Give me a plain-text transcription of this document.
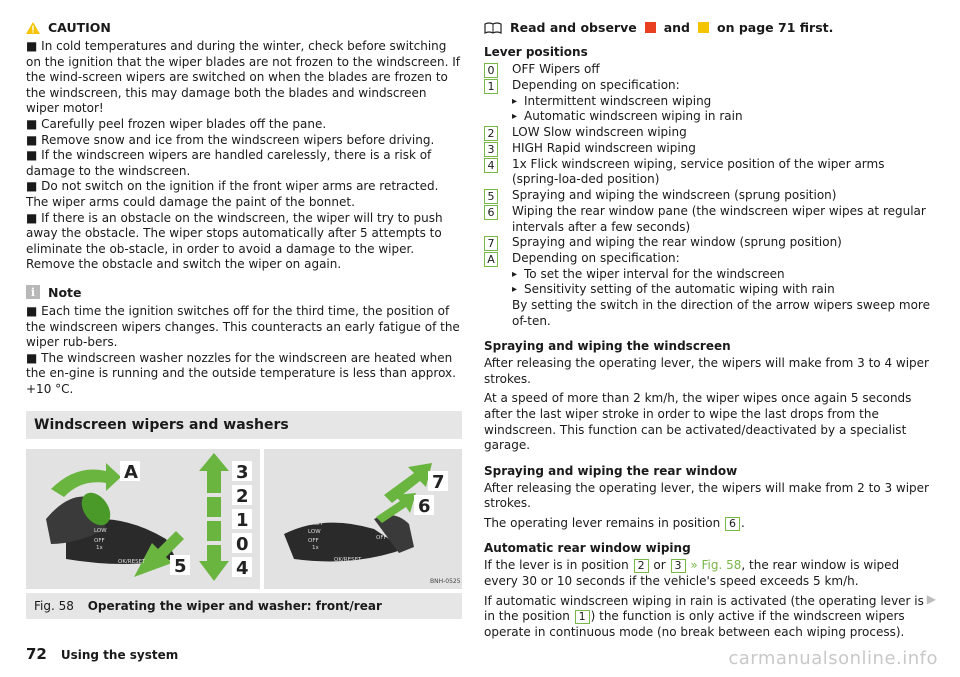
CAUTION

■ In cold temperatures and during the winter, check before switching on the ignition that the wiper blades are not frozen to the windscreen. If the wind-screen wipers are switched on when the blades are frozen to the windscreen, this may damage both the blades and windscreen wiper motor!

■ Carefully peel frozen wiper blades off the pane.

■ Remove snow and ice from the windscreen wipers before driving.

■ If the windscreen wipers are handled carelessly, there is a risk of damage to the windscreen.

■ Do not switch on the ignition if the front wiper arms are retracted. The wiper arms could damage the paint of the bonnet.

■ If there is an obstacle on the windscreen, the wiper will try to push away the obstacle. The wiper stops automatically after 5 attempts to eliminate the ob-stacle, in order to avoid a damage to the wiper. Remove the obstacle and switch the wiper on again.

i	Note

■ Each time the ignition switches off for the third time, the position of the windscreen wipers changes. This counteracts an early fatigue of the wiper rub-bers.

■ The windscreen washer nozzles for the windscreen are heated when the en-gine is running and the outside temperature is less than approx. +10 °C.

Windscreen wipers and washers
A	3
2
1
0
5	4
LOW
OFF
1x
OK/RESET
7
6
HIGH
LOW
OFF
1x
OK/RESET
OFF
BNH-0525
Fig. 58 Operating the wiper and washer: front/rear
Read and observe and on page 71 first.
Lever positions
0 OFF Wipers off
1 Depending on specification:
▸ Intermittent windscreen wiping
▸ Automatic windscreen wiping in rain
2 LOW Slow windscreen wiping
3 HIGH Rapid windscreen wiping
4 1x Flick windscreen wiping, service position of the wiper arms (spring-loa-ded position)
5 Spraying and wiping the windscreen (sprung position)
6 Wiping the rear window pane (the windscreen wiper wipes at regular intervals after a few seconds)
7 Spraying and wiping the rear window (sprung position)
A Depending on specification:
▸ To set the wiper interval for the windscreen
▸ Sensitivity setting of the automatic wiping with rain
By setting the switch in the direction of the arrow wipers sweep more of-ten.
Spraying and wiping the windscreen

After releasing the operating lever, the wipers will make from 3 to 4 wiper strokes.

At a speed of more than 2 km/h, the wiper wipes once again 5 seconds after the last wiper stroke in order to wipe the last drops from the windscreen. This function can be activated/deactivated by a specialist garage.

Spraying and wiping the rear window

After releasing the operating lever, the wipers will make from 2 to 3 wiper strokes.

The operating lever remains in position 6 .

Automatic rear window wiping

If the lever is in position 2 or 3 » Fig. 58, the rear window is wiped every 30 or 10 seconds if the vehicle's speed exceeds 5 km/h.

If automatic windscreen wiping in rain is activated (the operating lever is in the position 1 ) the function is only active if the windscreen wipers operate in continuous mode (no break between each wiping process).

▶
72 Using the system	carmanualsonline.info
